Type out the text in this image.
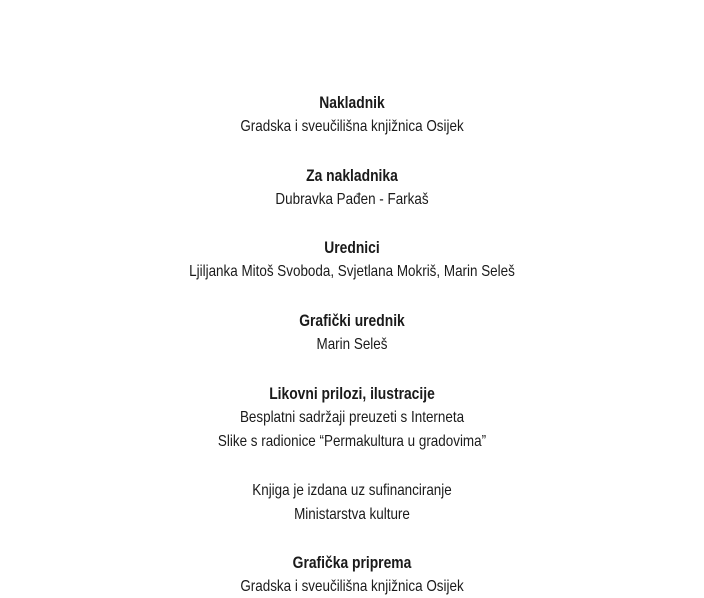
Nakladnik
Gradska i sveučilišna knjižnica Osijek
Za nakladnika
Dubravka Pađen - Farkaš
Urednici
Ljiljanka Mitoš Svoboda, Svjetlana Mokriš, Marin Seleš
Grafički urednik
Marin Seleš
Likovni prilozi, ilustracije
Besplatni sadržaji preuzeti s Interneta
Slike s radionice “Permakultura u gradovima”
Knjiga je izdana uz sufinanciranje
Ministarstva kulture
Grafička priprema
Gradska i sveučilišna knjižnica Osijek
